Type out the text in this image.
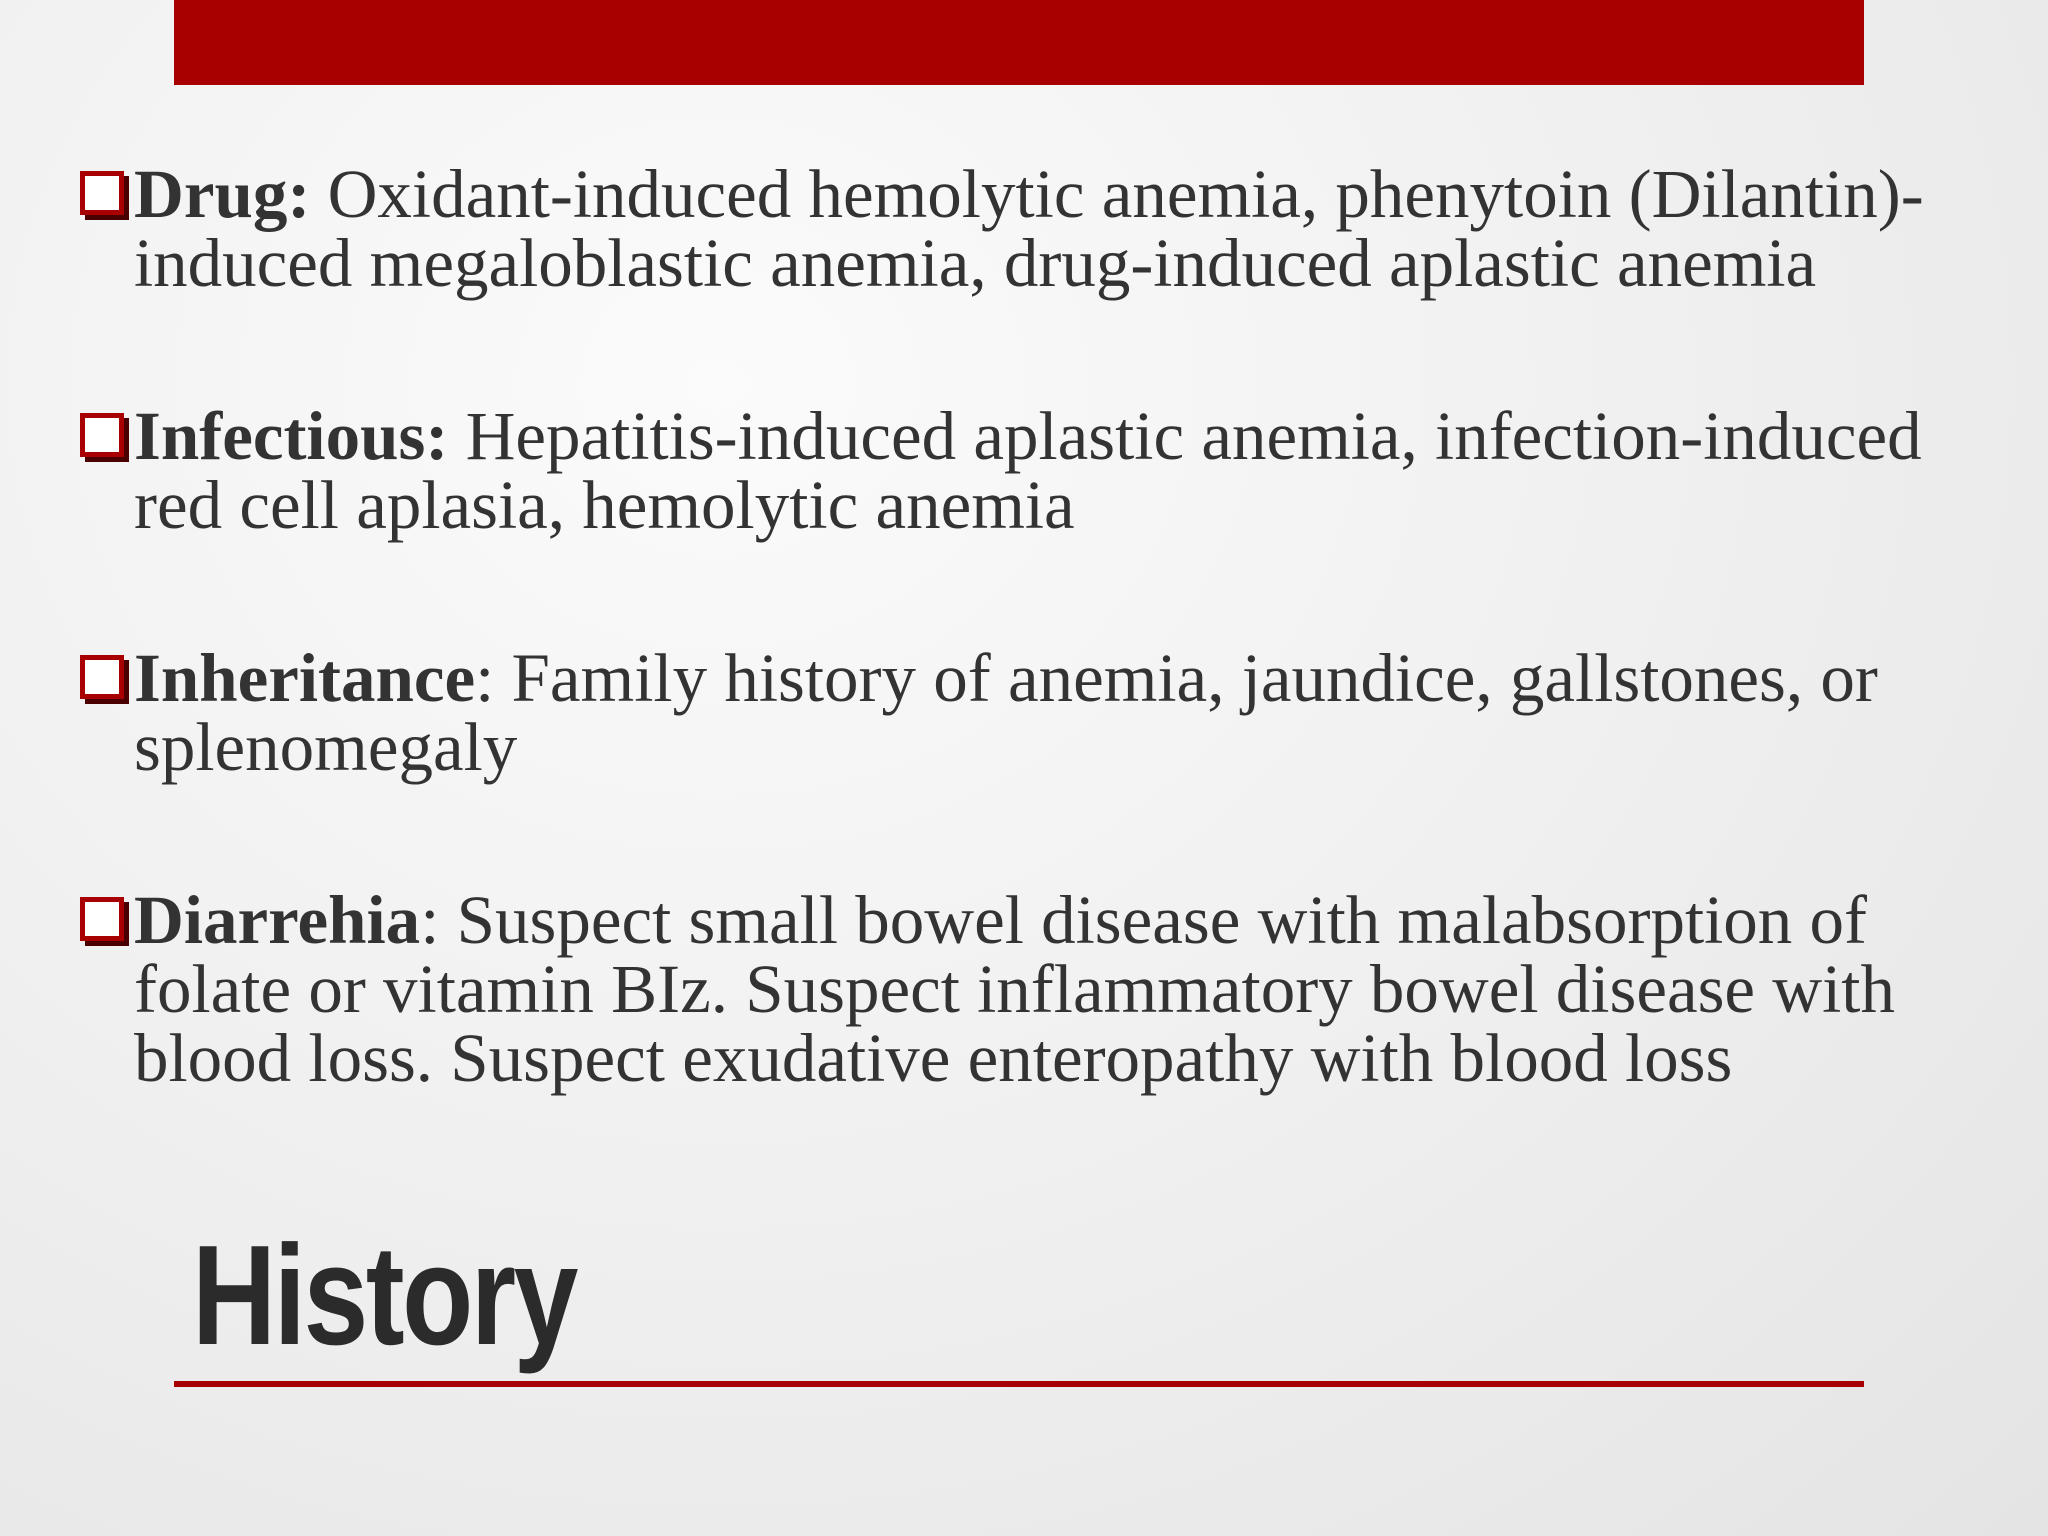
Drug: Oxidant-induced hemolytic anemia, phenytoin (Dilantin)-induced megaloblastic anemia, drug-induced aplastic anemia
Infectious: Hepatitis-induced aplastic anemia, infection-induced red cell aplasia, hemolytic anemia
Inheritance: Family history of anemia, jaundice, gallstones, or splenomegaly
Diarrehia: Suspect small bowel disease with malabsorption of folate or vitamin BIz. Suspect inflammatory bowel disease with blood loss. Suspect exudative enteropathy with blood loss
History
